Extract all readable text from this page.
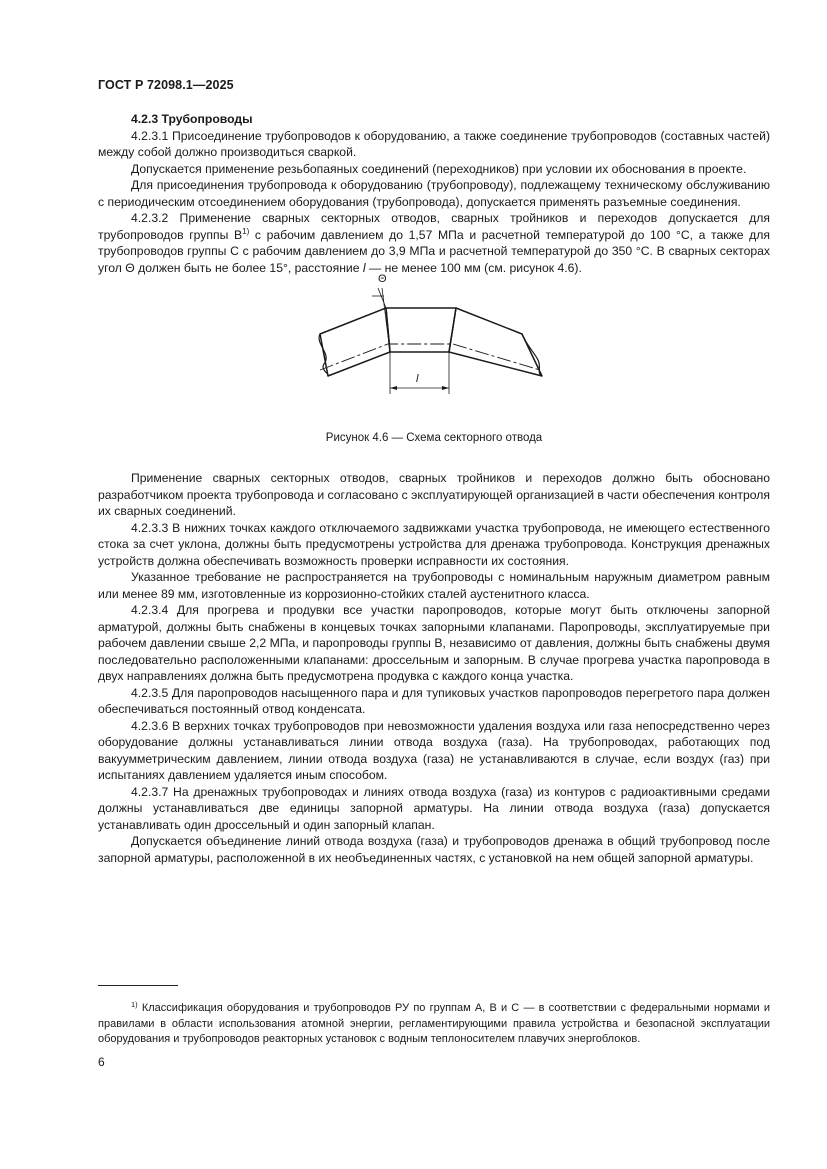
ГОСТ Р 72098.1—2025

4.2.3 Трубопроводы

4.2.3.1 Присоединение трубопроводов к оборудованию, а также соединение трубопроводов (составных частей) между собой должно производиться сваркой.

Допускается применение резьбопаяных соединений (переходников) при условии их обоснования в проекте.

Для присоединения трубопровода к оборудованию (трубопроводу), подлежащему техническому обслуживанию с периодическим отсоединением оборудования (трубопровода), допускается применять разъемные соединения.

4.2.3.2 Применение сварных секторных отводов, сварных тройников и переходов допускается для трубопроводов группы $В^{1)}$ с рабочим давлением до 1,57 МПа и расчетной температурой до 100 °С, а также для трубопроводов группы С с рабочим давлением до 3,9 МПа и расчетной температурой до 350 °С. В сварных секторах угол Θ должен быть не более 15°, расстояние l — не менее 100 мм (см. рисунок 4.6).

Θ
l
Рисунок 4.6 — Схема секторного отвода

Применение сварных секторных отводов, сварных тройников и переходов должно быть обосновано разработчиком проекта трубопровода и согласовано с эксплуатирующей организацией в части обеспечения контроля их сварных соединений.

4.2.3.3 В нижних точках каждого отключаемого задвижками участка трубопровода, не имеющего естественного стока за счет уклона, должны быть предусмотрены устройства для дренажа трубопровода. Конструкция дренажных устройств должна обеспечивать возможность проверки исправности их состояния.

Указанное требование не распространяется на трубопроводы с номинальным наружным диаметром равным или менее 89 мм, изготовленные из коррозионно-стойких сталей аустенитного класса.

4.2.3.4 Для прогрева и продувки все участки паропроводов, которые могут быть отключены запорной арматурой, должны быть снабжены в концевых точках запорными клапанами. Паропроводы, эксплуатируемые при рабочем давлении свыше 2,2 МПа, и паропроводы группы В, независимо от давления, должны быть снабжены двумя последовательно расположенными клапанами: дроссельным и запорным. В случае прогрева участка паропровода в двух направлениях должна быть предусмотрена продувка с каждого конца участка.

4.2.3.5 Для паропроводов насыщенного пара и для тупиковых участков паропроводов перегретого пара должен обеспечиваться постоянный отвод конденсата.

4.2.3.6 В верхних точках трубопроводов при невозможности удаления воздуха или газа непосредственно через оборудование должны устанавливаться линии отвода воздуха (газа). На трубопроводах, работающих под вакуумметрическим давлением, линии отвода воздуха (газа) не устанавливаются в случае, если воздух (газ) при испытаниях давлением удаляется иным способом.

4.2.3.7 На дренажных трубопроводах и линиях отвода воздуха (газа) из контуров с радиоактивными средами должны устанавливаться две единицы запорной арматуры. На линии отвода воздуха (газа) допускается устанавливать один дроссельный и один запорный клапан.

Допускается объединение линий отвода воздуха (газа) и трубопроводов дренажа в общий трубопровод после запорной арматуры, расположенной в их необъединенных частях, с установкой на нем общей запорной арматуры.

$^{1)}$ Классификация оборудования и трубопроводов РУ по группам А, В и С — в соответствии с федеральными нормами и правилами в области использования атомной энергии, регламентирующими правила устройства и безопасной эксплуатации оборудования и трубопроводов реакторных установок с водным теплоносителем плавучих энергоблоков.

6
